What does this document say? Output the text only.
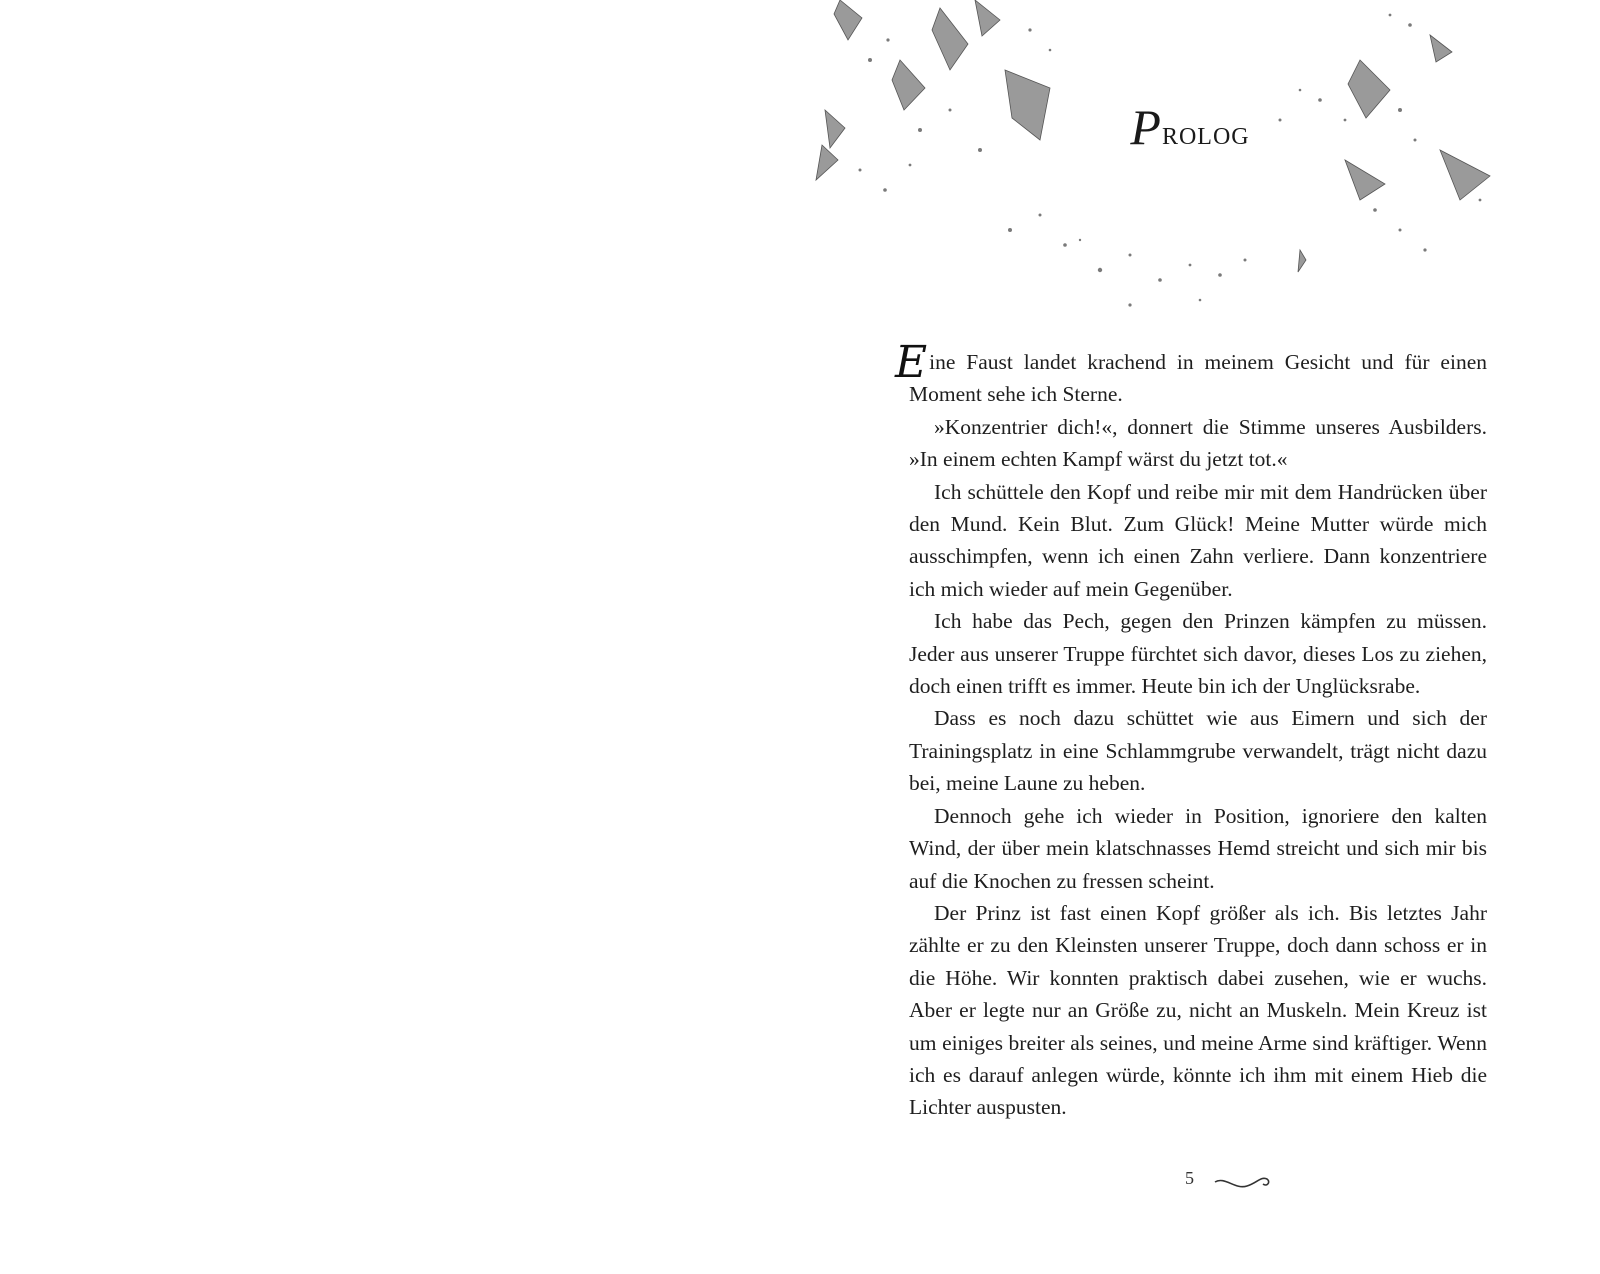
Prolog

Eine Faust landet krachend in meinem Gesicht und für einen Moment sehe ich Sterne.

»Konzentrier dich!«, donnert die Stimme unseres Ausbilders. »In einem echten Kampf wärst du jetzt tot.«

Ich schüttele den Kopf und reibe mir mit dem Handrücken über den Mund. Kein Blut. Zum Glück! Meine Mutter würde mich ausschimpfen, wenn ich einen Zahn verliere. Dann konzentriere ich mich wieder auf mein Gegenüber.

Ich habe das Pech, gegen den Prinzen kämpfen zu müssen. Jeder aus unserer Truppe fürchtet sich davor, dieses Los zu ziehen, doch einen trifft es immer. Heute bin ich der Unglücksrabe.

Dass es noch dazu schüttet wie aus Eimern und sich der Trainingsplatz in eine Schlammgrube verwandelt, trägt nicht dazu bei, meine Laune zu heben.

Dennoch gehe ich wieder in Position, ignoriere den kalten Wind, der über mein klatschnasses Hemd streicht und sich mir bis auf die Knochen zu fressen scheint.

Der Prinz ist fast einen Kopf größer als ich. Bis letztes Jahr zählte er zu den Kleinsten unserer Truppe, doch dann schoss er in die Höhe. Wir konnten praktisch dabei zusehen, wie er wuchs. Aber er legte nur an Größe zu, nicht an Muskeln. Mein Kreuz ist um einiges breiter als seines, und meine Arme sind kräftiger. Wenn ich es darauf anlegen würde, könnte ich ihm mit einem Hieb die Lichter auspusten.

5
